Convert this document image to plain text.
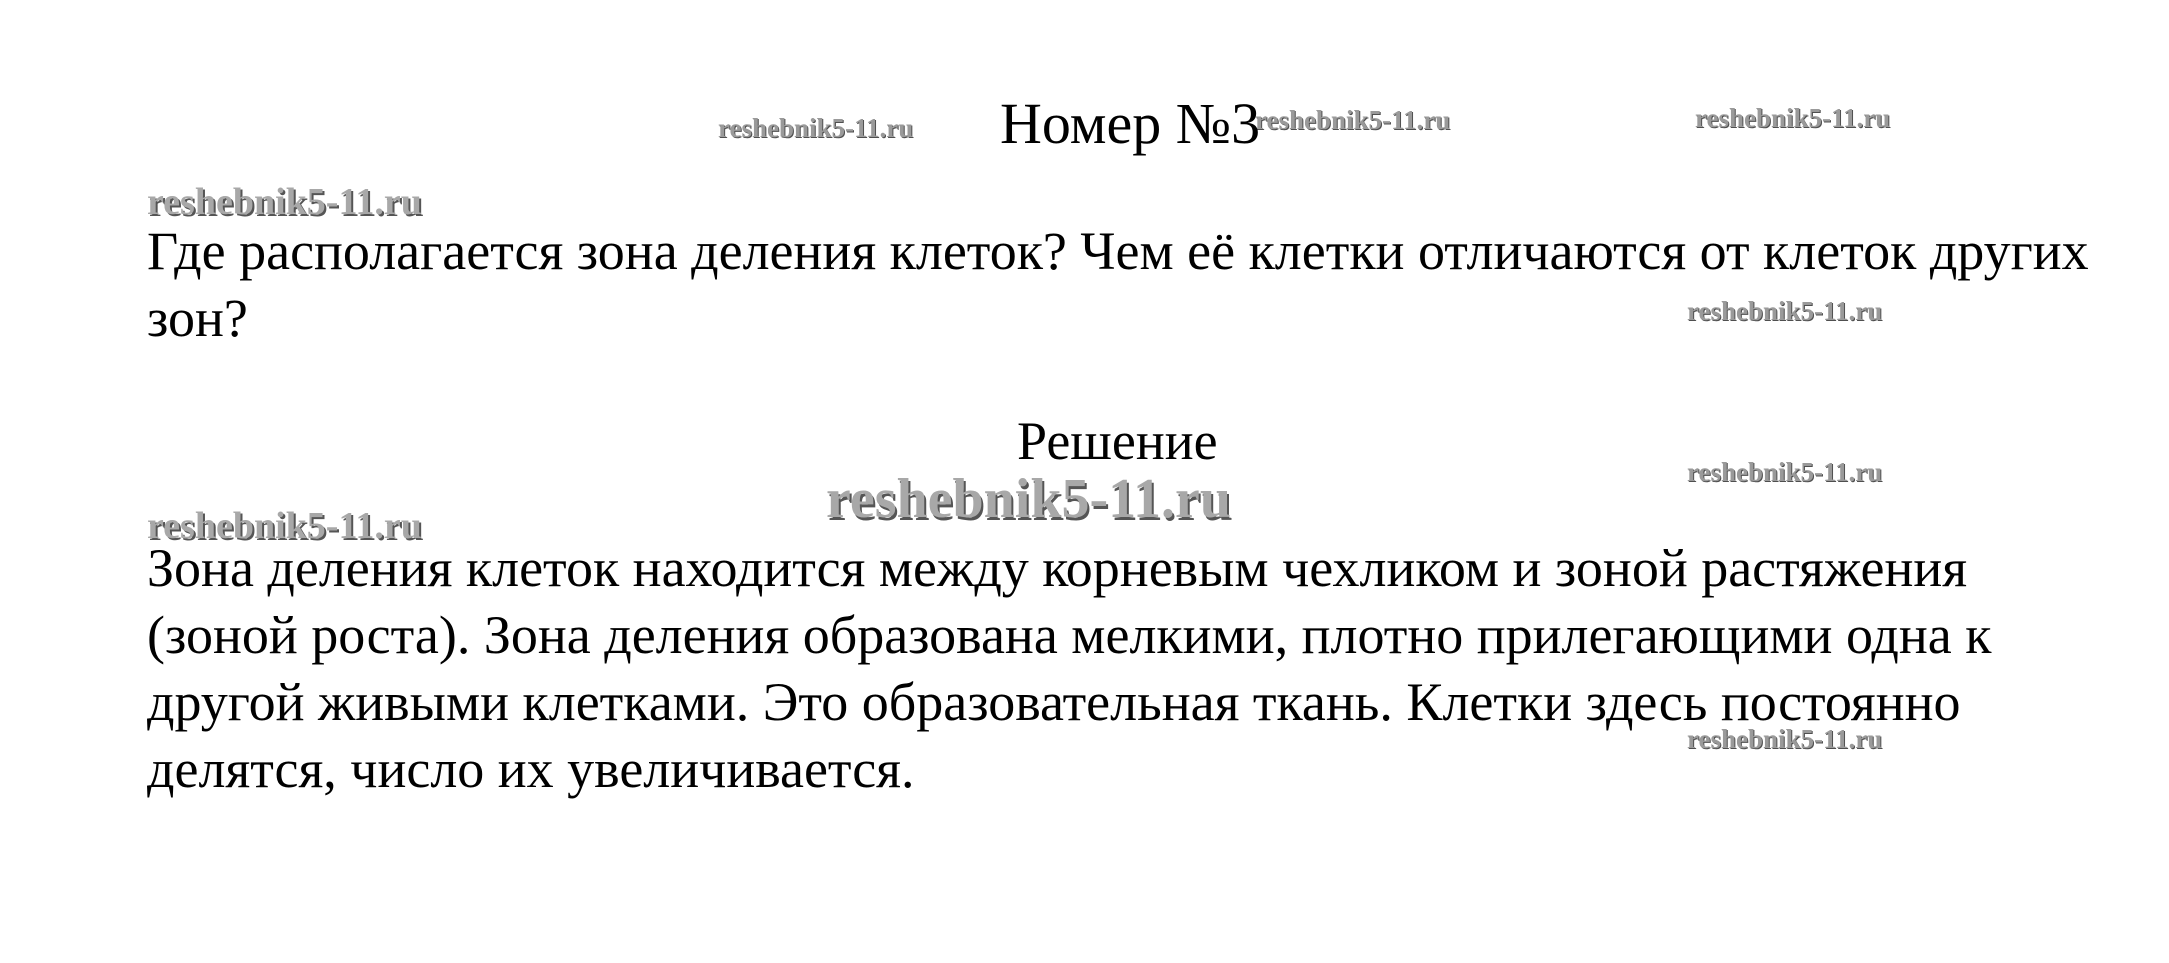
reshebnik5-11.ru	reshebnik5-11.ru	reshebnik5-11.ru
reshebnik5-11.ru
reshebnik5-11.ru
reshebnik5-11.ru
reshebnik5-11.ru
reshebnik5-11.ru
reshebnik5-11.ru
Номер №3

Где располагается зона деления клеток? Чем её клетки отличаются от клеток других зон?

Решение

Зона деления клеток находится между корневым чехликом и зоной растяжения (зоной роста). Зона деления образована мелкими, плотно прилегающими одна к другой живыми клетками. Это образовательная ткань. Клетки здесь постоянно делятся, число их увеличивается.
